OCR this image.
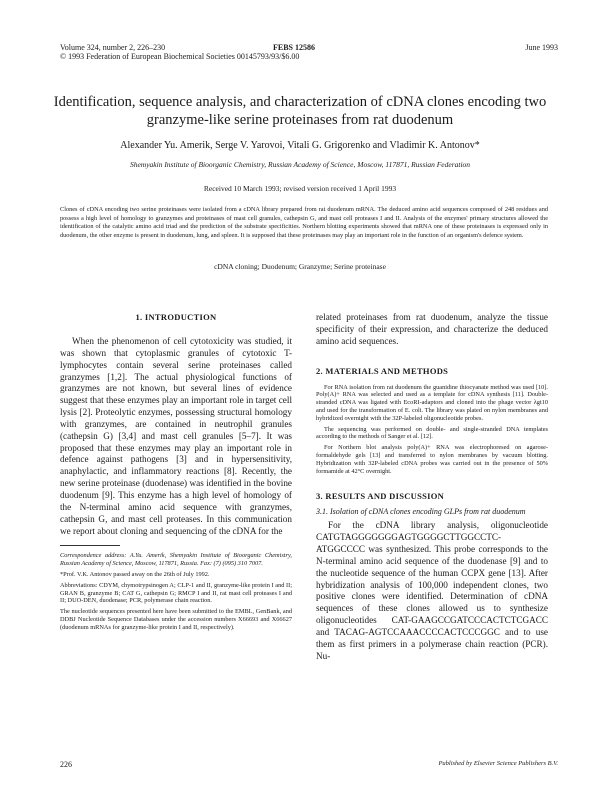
Volume 324, number 2, 226–230
© 1993 Federation of European Biochemical Societies 00145793/93/$6.00
FEBS 12586	June 1993
Identification, sequence analysis, and characterization of cDNA clones encoding two granzyme-like serine proteinases from rat duodenum
Alexander Yu. Amerik, Serge V. Yarovoi, Vitali G. Grigorenko and Vladimir K. Antonov*
Shemyakin Institute of Bioorganic Chemistry, Russian Academy of Science, Moscow, 117871, Russian Federation
Received 10 March 1993; revised version received 1 April 1993

Clones of cDNA encoding two serine proteinases were isolated from a cDNA library prepared from rat duodenum mRNA. The deduced amino acid sequences composed of 248 residues and possess a high level of homology to granzymes and proteinases of mast cell granules, cathepsin G, and mast cell proteases I and II. Analysis of the enzymes' primary structures allowed the identification of the catalytic amino acid triad and the prediction of the substrate specificities. Northern blotting experiments showed that mRNA one of these proteinases is expressed only in duodenum, the other enzyme is present in duodenum, lung, and spleen. It is supposed that these proteinases may play an important role in the function of an organism's defence system.

cDNA cloning; Duodenum; Granzyme; Serine proteinase
1. INTRODUCTION

When the phenomenon of cell cytotoxicity was studied, it was shown that cytoplasmic granules of cytotoxic T-lymphocytes contain several serine proteinases called granzymes [1,2]. The actual physiological functions of granzymes are not known, but several lines of evidence suggest that these enzymes play an important role in target cell lysis [2]. Proteolytic enzymes, possessing structural homology with granzymes, are contained in neutrophil granules (cathepsin G) [3,4] and mast cell granules [5–7]. It was proposed that these enzymes may play an important role in defence against pathogens [3] and in hypersensitivity, anaphylactic, and inflammatory reactions [8]. Recently, the new serine proteinase (duodenase) was identified in the bovine duodenum [9]. This enzyme has a high level of homology of the N-terminal amino acid sequence with granzymes, cathepsin G, and mast cell proteases. In this communication we report about cloning and sequencing of the cDNA for the

Correspondence address: A.Yu. Amerik, Shemyakin Institute of Bioorganic Chemistry, Russian Academy of Science, Moscow, 117871, Russia. Fax: (7) (095) 310 7007.

*Prof. V.K. Antonov passed away on the 26th of July 1992.

Abbreviations: CDYM, chymotrypsinogen A; CLP-1 and II, granzyme-like protein I and II; GRAN B, granzyme B; CAT G, cathepsin G; RMCP I and II, rat mast cell proteases I and II; DUO-DEN, duodenase; PCR, polymerase chain reaction.

The nucleotide sequences presented here have been submitted to the EMBL, GenBank, and DDBJ Nucleotide Sequence Databases under the accession numbers X66693 and X66627 (duodenum mRNAs for granzyme-like protein I and II, respectively).

related proteinases from rat duodenum, analyze the tissue specificity of their expression, and characterize the deduced amino acid sequences.

2. MATERIALS AND METHODS

For RNA isolation from rat duodenum the guanidine thiocyanate method was used [10]. Poly(A)+ RNA was selected and used as a template for cDNA synthesis [11]. Double-stranded cDNA was ligated with EcoRI-adaptors and cloned into the phage vector λgt10 and used for the transformation of E. coli. The library was plated on nylon membranes and hybridized overnight with the 32P-labeled oligonucleotide probes.

The sequencing was performed on double- and single-stranded DNA templates according to the methods of Sanger et al. [12].

For Northern blot analysis poly(A)+ RNA was electrophoresed on agarose-formaldehyde gels [13] and transferred to nylon membranes by vacuum blotting. Hybridization with 32P-labeled cDNA probes was carried out in the presence of 50% formamide at 42°C overnight.

3. RESULTS AND DISCUSSION

3.1. Isolation of cDNA clones encoding GLPs from rat duodenum

For the cDNA library analysis, oligonucleotide CATGTAGGGGGGGAGTGGGGCTTGGCCTC-ATGGCCCC was synthesized. This probe corresponds to the N-terminal amino acid sequence of the duodenase [9] and to the nucleotide sequence of the human CCPX gene [13]. After hybridization analysis of 100,000 independent clones, two positive clones were identified. Determination of cDNA sequences of these clones allowed us to synthesize oligonucleotides CAT-GAAGCCGATCCCACTCTCGACC and TACAG-AGTCCAAACCCCACTCCCGGC and to use them as first primers in a polymerase chain reaction (PCR). Nu-

226	Published by Elsevier Science Publishers B.V.
